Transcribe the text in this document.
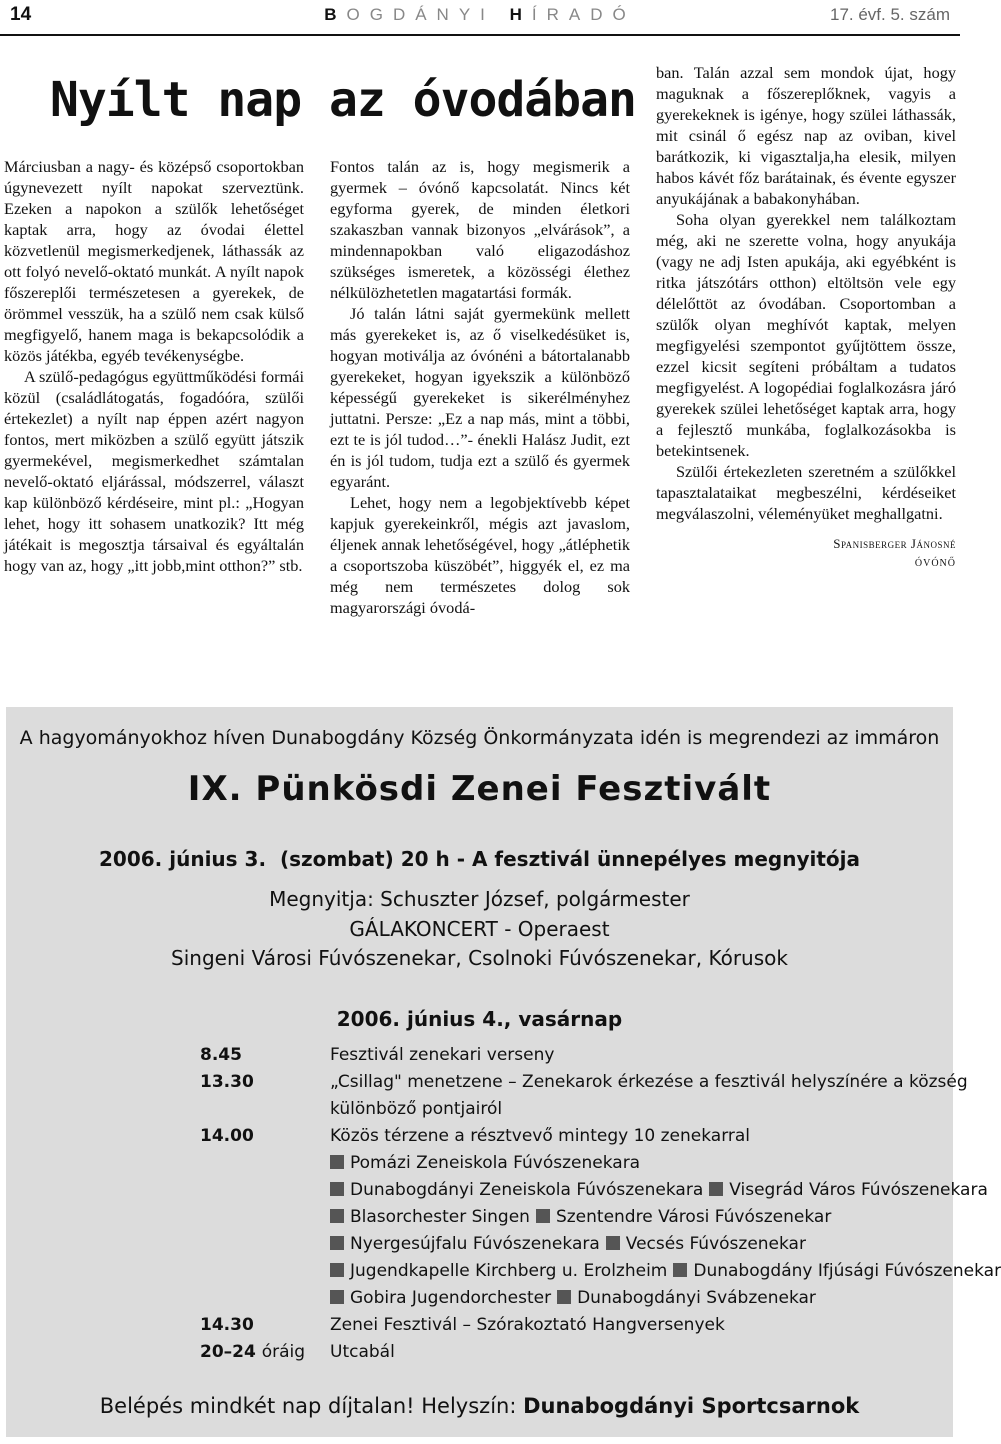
14	BOGDÁNYI HÍRADÓ	17. évf. 5. szám
Nyílt nap az óvodában

Márciusban a nagy- és középső csoportokban úgynevezett nyílt napokat szerveztünk. Ezeken a napokon a szülők lehetőséget kaptak arra, hogy az óvodai élettel közvetlenül megismerkedjenek, láthassák az ott folyó nevelő-oktató munkát. A nyílt napok főszereplői természetesen a gyerekek, de örömmel vesszük, ha a szülő nem csak külső megfigyelő, hanem maga is bekapcsolódik a közös játékba, egyéb tevékenységbe.

A szülő-pedagógus együttműködési formái közül (családlátogatás, fogadóóra, szülői értekezlet) a nyílt nap éppen azért nagyon fontos, mert miközben a szülő együtt játszik gyermekével, megismerkedhet számtalan nevelő-oktató eljárással, módszerrel, választ kap különböző kérdéseire, mint pl.: „Hogyan lehet, hogy itt sohasem unatkozik? Itt még játékait is megosztja társaival és egyáltalán hogy van az, hogy „itt jobb,mint otthon?” stb.

Fontos talán az is, hogy megismerik a gyermek – óvónő kapcsolatát. Nincs két egyforma gyerek, de minden életkori szakaszban vannak bizonyos „elvárások”, a mindennapokban való eligazodáshoz szükséges ismeretek, a közösségi élethez nélkülözhetetlen magatartási formák.

Jó talán látni saját gyermekünk mellett más gyerekeket is, az ő viselkedésüket is, hogyan motiválja az óvónéni a bátortalanabb gyerekeket, hogyan igyekszik a különböző képességű gyerekeket is sikerélményhez juttatni. Persze: „Ez a nap más, mint a többi, ezt te is jól tudod…”- énekli Halász Judit, ezt én is jól tudom, tudja ezt a szülő és gyermek egyaránt.

Lehet, hogy nem a legobjektívebb képet kapjuk gyerekeinkről, mégis azt javaslom, éljenek annak lehetőségével, hogy „átléphetik a csoportszoba küszöbét”, higgyék el, ez ma még nem természetes dolog sok magyarországi óvodá-

ban. Talán azzal sem mondok újat, hogy maguknak a főszereplőknek, vagyis a gyerekeknek is igénye, hogy szülei láthassák, mit csinál ő egész nap az oviban, kivel barátkozik, ki vigasztalja,ha elesik, milyen habos kávét főz barátainak, és évente egyszer anyukájának a babakonyhában.

Soha olyan gyerekkel nem találkoztam még, aki ne szerette volna, hogy anyukája (vagy ne adj Isten apukája, aki egyébként is ritka játszótárs otthon) eltöltsön vele egy délelőttöt az óvodában. Csoportomban a szülők olyan meghívót kaptak, melyen megfigyelési szempontot gyűjtöttem össze, ezzel kicsit segíteni próbáltam a tudatos megfigyelést. A logopédiai foglalkozásra járó gyerekek szülei lehetőséget kaptak arra, hogy a fejlesztő munkába, foglalkozásokba is betekintsenek.

Szülői értekezleten szeretném a szülőkkel tapasztalataikat megbeszélni, kérdéseiket megválaszolni, véleményüket meghallgatni.

Spanisberger Jánosné
ÓVÓNŐ
A hagyományokhoz híven Dunabogdány Község Önkormányzata idén is megrendezi az immáron
IX. Pünkösdi Zenei Fesztivált
2006. június 3.  (szombat) 20 h - A fesztivál ünnepélyes megnyitója
Megnyitja: Schuszter József, polgármester
GÁLAKONCERT - Operaest
Singeni Városi Fúvószenekar, Csolnoki Fúvószenekar, Kórusok
2006. június 4., vasárnap
8.45	Fesztivál zenekari verseny
13.30	„Csillag" menetzene – Zenekarok érkezése a fesztivál helyszínére a község
különböző pontjairól
14.00	Közös térzene a résztvevő mintegy 10 zenekarral
Pomázi Zeneiskola Fúvószenekara
Dunabogdányi Zeneiskola Fúvószenekara Visegrád Város Fúvószenekara
Blasorchester Singen Szentendre Városi Fúvószenekar
Nyergesújfalu Fúvószenekara Vecsés Fúvószenekar
Jugendkapelle Kirchberg u. Erolzheim Dunabogdány Ifjúsági Fúvószenekar
Gobira Jugendorchester Dunabogdányi Svábzenekar
14.30	Zenei Fesztivál – Szórakoztató Hangversenyek
20–24 óráig	Utcabál
Belépés mindkét nap díjtalan! Helyszín: Dunabogdányi Sportcsarnok
